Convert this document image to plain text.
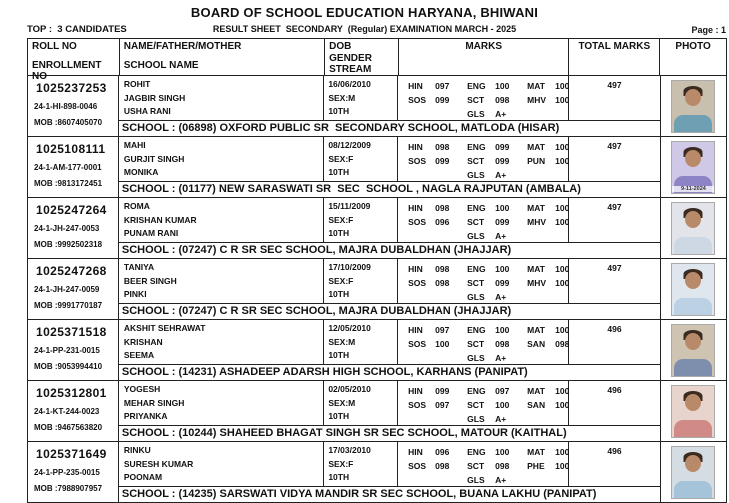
BOARD OF SCHOOL EDUCATION HARYANA, BHIWANI
RESULT SHEET  SECONDARY  (Regular) EXAMINATION MARCH - 2025
TOP :  3 CANDIDATES	Page : 1
ROLL NO
ENROLLMENT NO
NAME/FATHER/MOTHER
SCHOOL NAME
DOB
GENDER
STREAM
MARKS	TOTAL MARKS	PHOTO
1025237253
24-1-HI-898-0046
MOB :8607405070
ROHIT
JAGBIR SINGH
USHA RANI
16/06/2010
SEX:M
10TH
HIN	097	ENG	100	MAT	100
SOS	099	SCT	098	MHV	100
GLS	A+
497
SCHOOL : (06898) OXFORD PUBLIC SR  SECONDARY SCHOOL, MATLODA (HISAR)
1025108111
24-1-AM-177-0001
MOB :9813172451
MAHI
GURJIT SINGH
MONIKA
08/12/2009
SEX:F
10TH
HIN	098	ENG	099	MAT	100
SOS	099	SCT	099	PUN	100
GLS	A+
497
SCHOOL : (01177) NEW SARASWATI SR  SEC  SCHOOL , NAGLA RAJPUTAN (AMBALA)	9-11-2024
1025247264
24-1-JH-247-0053
MOB :9992502318
ROMA
KRISHAN KUMAR
PUNAM RANI
15/11/2009
SEX:F
10TH
HIN	098	ENG	100	MAT	100
SOS	096	SCT	099	MHV	100
GLS	A+
497
SCHOOL : (07247) C R SR SEC SCHOOL, MAJRA DUBALDHAN (JHAJJAR)
1025247268
24-1-JH-247-0059
MOB :9991770187
TANIYA
BEER SINGH
PINKI
17/10/2009
SEX:F
10TH
HIN	098	ENG	100	MAT	100
SOS	098	SCT	099	MHV	100
GLS	A+
497
SCHOOL : (07247) C R SR SEC SCHOOL, MAJRA DUBALDHAN (JHAJJAR)
1025371518
24-1-PP-231-0015
MOB :9053994410
AKSHIT SEHRAWAT
KRISHAN
SEEMA
12/05/2010
SEX:M
10TH
HIN	097	ENG	100	MAT	100
SOS	100	SCT	098	SAN	098
GLS	A+
496
SCHOOL : (14231) ASHADEEP ADARSH HIGH SCHOOL, KARHANS (PANIPAT)
1025312801
24-1-KT-244-0023
MOB :9467563820
YOGESH
MEHAR SINGH
PRIYANKA
02/05/2010
SEX:M
10TH
HIN	099	ENG	097	MAT	100
SOS	097	SCT	100	SAN	100
GLS	A+
496
SCHOOL : (10244) SHAHEED BHAGAT SINGH SR SEC SCHOOL, MATOUR (KAITHAL)
1025371649
24-1-PP-235-0015
MOB :7988907957
RINKU
SURESH KUMAR
POONAM
17/03/2010
SEX:F
10TH
HIN	096	ENG	100	MAT	100
SOS	098	SCT	098	PHE	100
GLS	A+
496
SCHOOL : (14235) SARSWATI VIDYA MANDIR SR SEC SCHOOL, BUANA LAKHU (PANIPAT)
